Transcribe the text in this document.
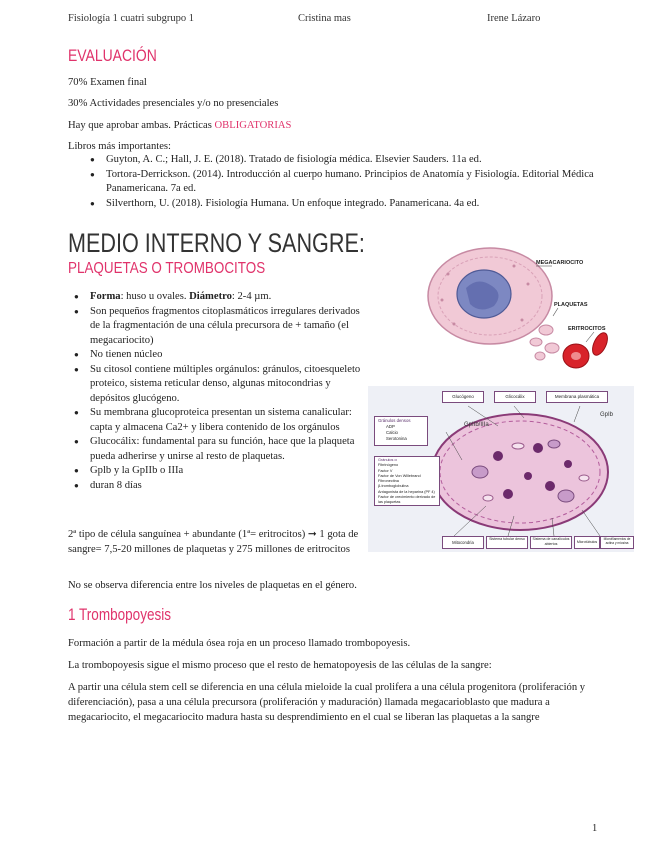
Fisiología 1 cuatri subgrupo 1	Cristina mas	Irene Lázaro
EVALUACIÓN

70% Examen final

30% Actividades presenciales y/o no presenciales

Hay que aprobar ambas. Prácticas OBLIGATORIAS

Libros más importantes:

● Guyton, A. C.; Hall, J. E. (2018). Tratado de fisiología médica. Elsevier Sauders. 11a ed.
● Tortora-Derrickson. (2014). Introducción al cuerpo humano. Principios de Anatomía y Fisiología. Editorial Médica Panamericana. 7a ed.
● Silverthorn, U. (2018). Fisiología Humana. Un enfoque integrado. Panamericana. 4a ed.
MEDIO INTERNO Y SANGRE:
PLAQUETAS O TROMBOCITOS
● Forma: huso u ovales. Diámetro: 2-4 µm.
● Son pequeños fragmentos citoplasmáticos irregulares derivados de la fragmentación de una célula precursora de + tamaño (el megacariocito)
● No tienen núcleo
● Su citosol contiene múltiples orgánulos: gránulos, citoesqueleto proteico, sistema reticular denso, algunas mitocondrias y depósitos glucógeno.
● Su membrana glucoproteica presentan un sistema canalicular: capta y almacena Ca2+ y libera contenido de los orgánulos
● Glucocálix: fundamental para su función, hace que la plaqueta pueda adherirse y unirse al resto de plaquetas.
● Gplb y la GpIIb o IIIa
● duran 8 días

2ª tipo de célula sanguínea + abundante (1ª= eritrocitos) ➞ 1 gota de sangre= 7,5-20 millones de plaquetas y 275 millones de eritrocitos

No se observa diferencia entre los niveles de plaquetas en el género.

MEGACARIOCITO
PLAQUETAS
ERITROCITOS
Glucógeno	Glicocálix	Membrana plasmática
Gránulos densos
ADP
Calcio
Serotonina
Gránulos α
Fibrinógeno
Factor V
Factor de Von Willebrand
Fibronectina
β-tromboglobulina
Antagonista de la heparina (PF 4)
Factor de crecimiento derivado de las plaquetas
GpIIb/IIIa
GpIb
Mitocondria
Sistema tubular denso	Sistema de canalículos abiertos	Microtúbulos
Microfilamentos de actina y miosina
1 Trombopoyesis

Formación a partir de la médula ósea roja en un proceso llamado trombopoyesis.

La trombopoyesis sigue el mismo proceso que el resto de hematopoyesis de las células de la sangre:

A partir una célula stem cell se diferencia en una célula mieloide la cual prolifera a una célula progenitora (proliferación y diferenciación), pasa a una célula precursora (proliferación y maduración) llamada megacarioblasto que madura a megacariocito, el megacariocito madura hasta su desprendimiento en el cual se liberan las plaquetas a la sangre

1
